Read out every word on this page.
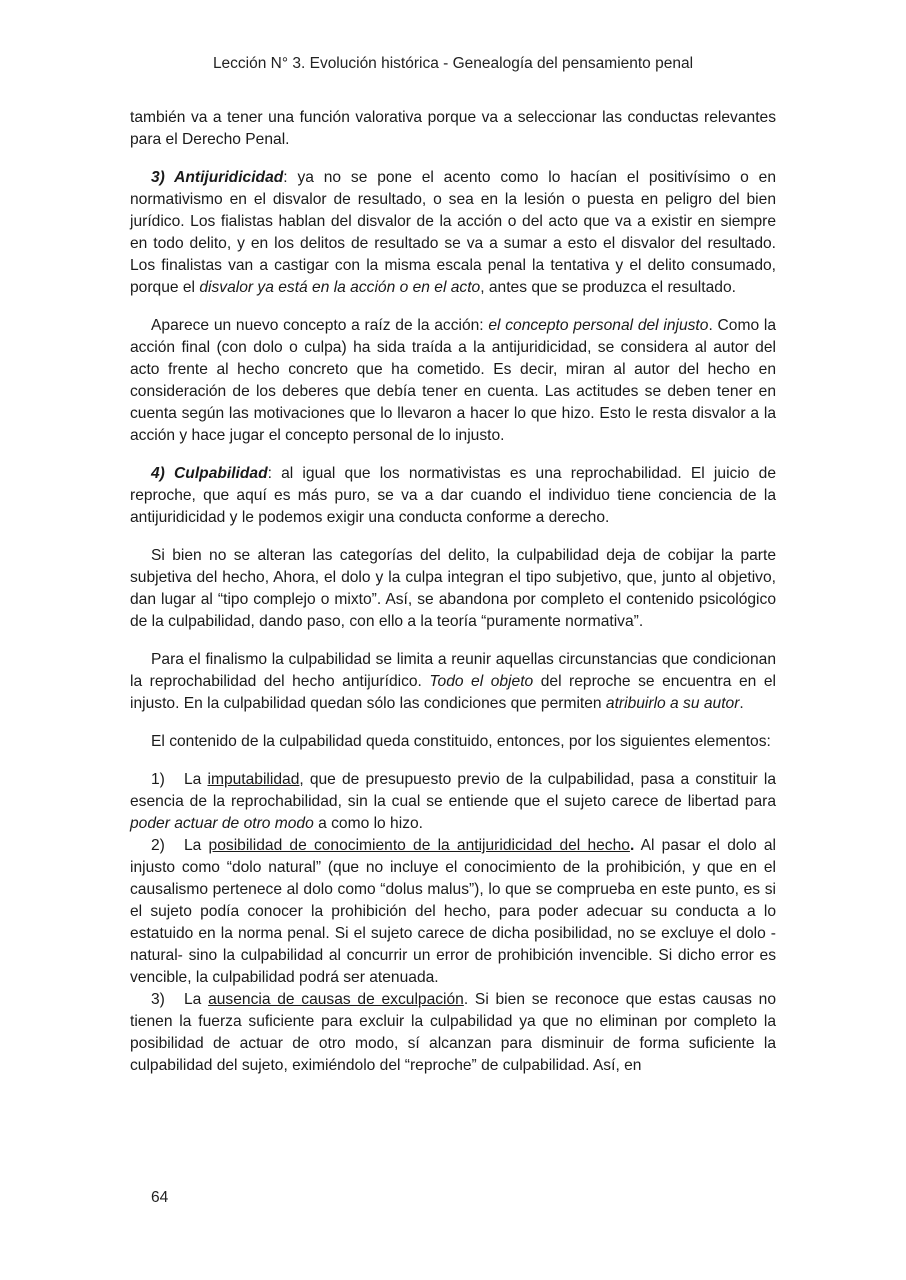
Lección N° 3. Evolución histórica - Genealogía del pensamiento penal

también va a tener una función valorativa porque va a seleccionar las conductas relevantes para el Derecho Penal.

3) Antijuridicidad: ya no se pone el acento como lo hacían el positivísimo o en normativismo en el disvalor de resultado, o sea en la lesión o puesta en peligro del bien jurídico. Los fialistas hablan del disvalor de la acción o del acto que va a existir en siempre en todo delito, y en los delitos de resultado se va a sumar a esto el disvalor del resultado. Los finalistas van a castigar con la misma escala penal la tentativa y el delito consumado, porque el disvalor ya está en la acción o en el acto, antes que se produzca el resultado.

Aparece un nuevo concepto a raíz de la acción: el concepto personal del injusto. Como la acción final (con dolo o culpa) ha sida traída a la antijuridicidad, se considera al autor del acto frente al hecho concreto que ha cometido. Es decir, miran al autor del hecho en consideración de los deberes que debía tener en cuenta. Las actitudes se deben tener en cuenta según las motivaciones que lo llevaron a hacer lo que hizo. Esto le resta disvalor a la acción y hace jugar el concepto personal de lo injusto.

4) Culpabilidad: al igual que los normativistas es una reprochabilidad. El juicio de reproche, que aquí es más puro, se va a dar cuando el individuo tiene conciencia de la antijuridicidad y le podemos exigir una conducta conforme a derecho.

Si bien no se alteran las categorías del delito, la culpabilidad deja de cobijar la parte subjetiva del hecho, Ahora, el dolo y la culpa integran el tipo subjetivo, que, junto al objetivo, dan lugar al “tipo complejo o mixto”. Así, se abandona por completo el contenido psicológico de la culpabilidad, dando paso, con ello a la teoría “puramente normativa”.

Para el finalismo la culpabilidad se limita a reunir aquellas circunstancias que condicionan la reprochabilidad del hecho antijurídico. Todo el objeto del reproche se encuentra en el injusto. En la culpabilidad quedan sólo las condiciones que permiten atribuirlo a su autor.

El contenido de la culpabilidad queda constituido, entonces, por los siguientes elementos:

1) La imputabilidad, que de presupuesto previo de la culpabilidad, pasa a constituir la esencia de la reprochabilidad, sin la cual se entiende que el sujeto carece de libertad para poder actuar de otro modo a como lo hizo.

2) La posibilidad de conocimiento de la antijuridicidad del hecho. Al pasar el dolo al injusto como “dolo natural” (que no incluye el conocimiento de la prohibición, y que en el causalismo pertenece al dolo como “dolus malus”), lo que se comprueba en este punto, es si el sujeto podía conocer la prohibición del hecho, para poder adecuar su conducta a lo estatuido en la norma penal. Si el sujeto carece de dicha posibilidad, no se excluye el dolo -natural- sino la culpabilidad al concurrir un error de prohibición invencible. Si dicho error es vencible, la culpabilidad podrá ser atenuada.

3) La ausencia de causas de exculpación. Si bien se reconoce que estas causas no tienen la fuerza suficiente para excluir la culpabilidad ya que no eliminan por completo la posibilidad de actuar de otro modo, sí alcanzan para disminuir de forma suficiente la culpabilidad del sujeto, eximiéndolo del “reproche” de culpabilidad. Así, en

64
